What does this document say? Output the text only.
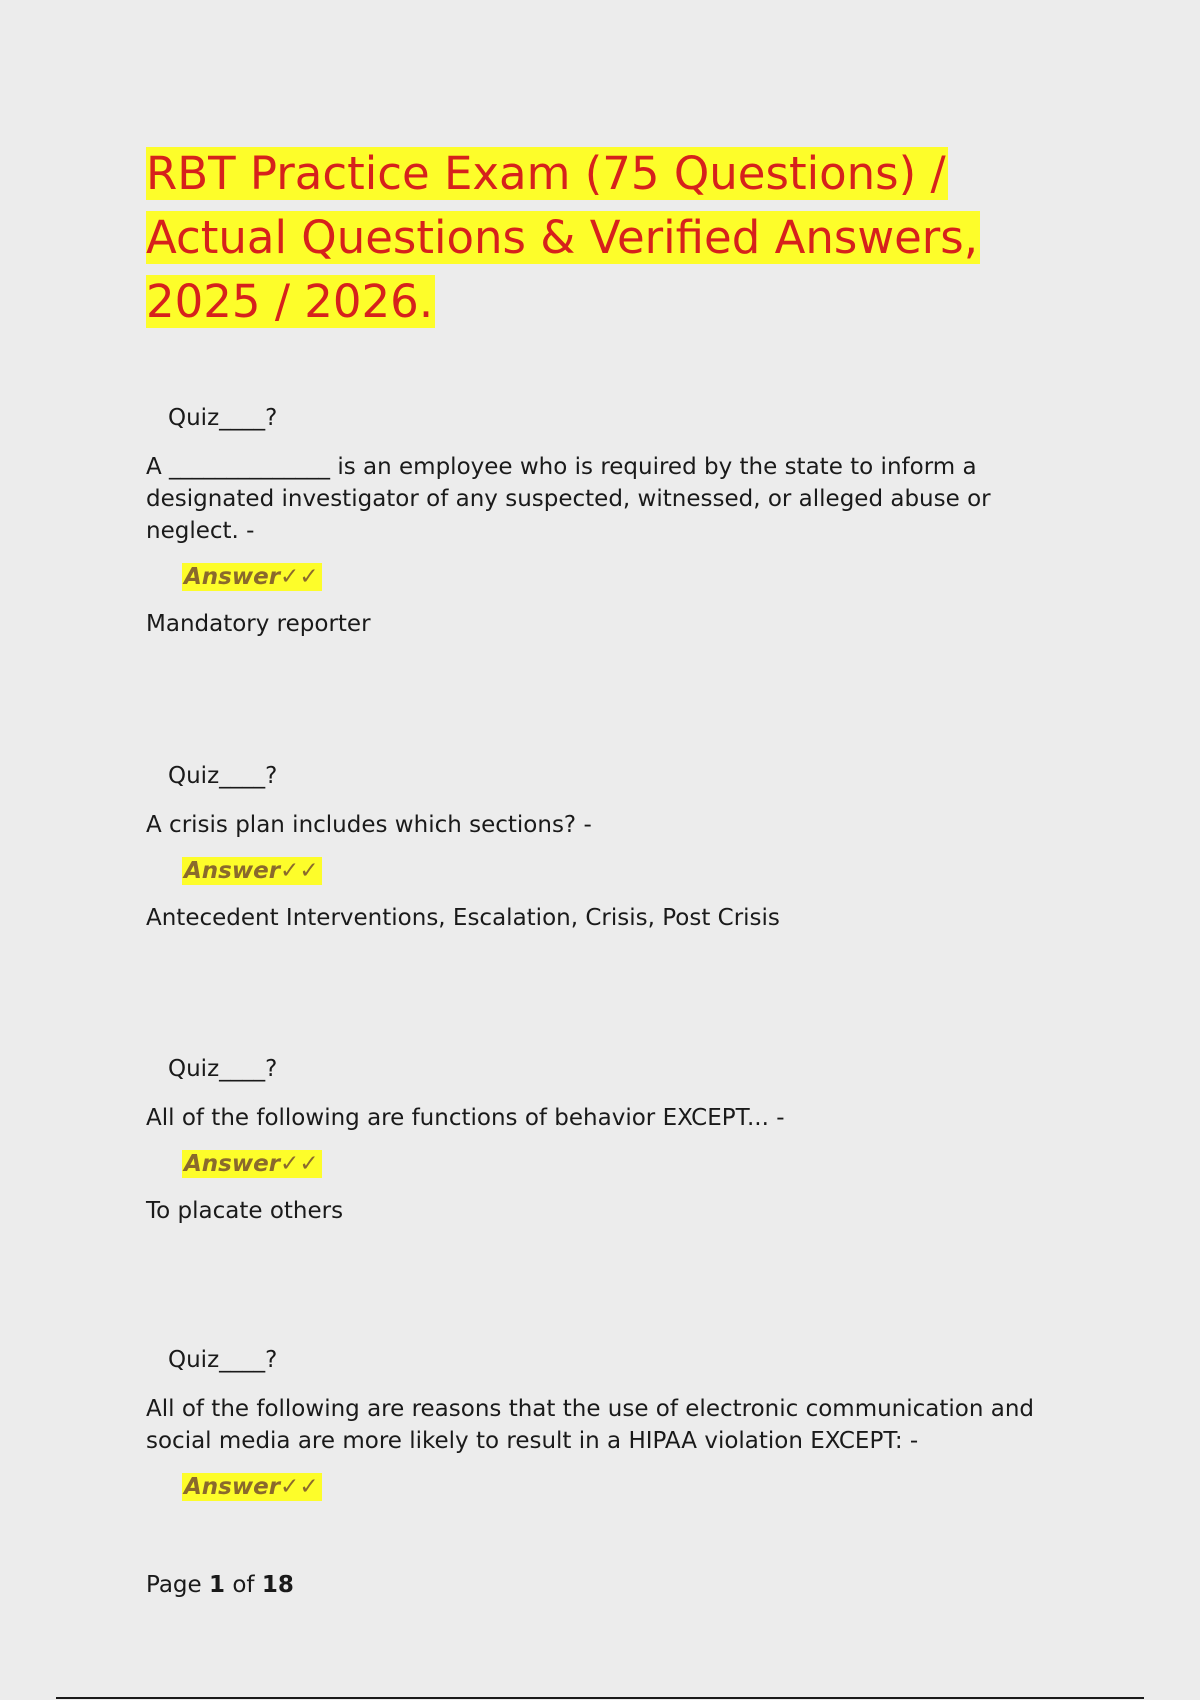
RBT Practice Exam (75 Questions) /
Actual Questions & Verified Answers,
2025 / 2026.
Quiz____?
A ______________ is an employee who is required by the state to inform a designated investigator of any suspected, witnessed, or alleged abuse or neglect. -
Answer✓✓
Mandatory reporter
Quiz____?
A crisis plan includes which sections? -
Answer✓✓
Antecedent Interventions, Escalation, Crisis, Post Crisis
Quiz____?
All of the following are functions of behavior EXCEPT... -
Answer✓✓
To placate others
Quiz____?
All of the following are reasons that the use of electronic communication and social media are more likely to result in a HIPAA violation EXCEPT: -
Answer✓✓
Page 1 of 18
